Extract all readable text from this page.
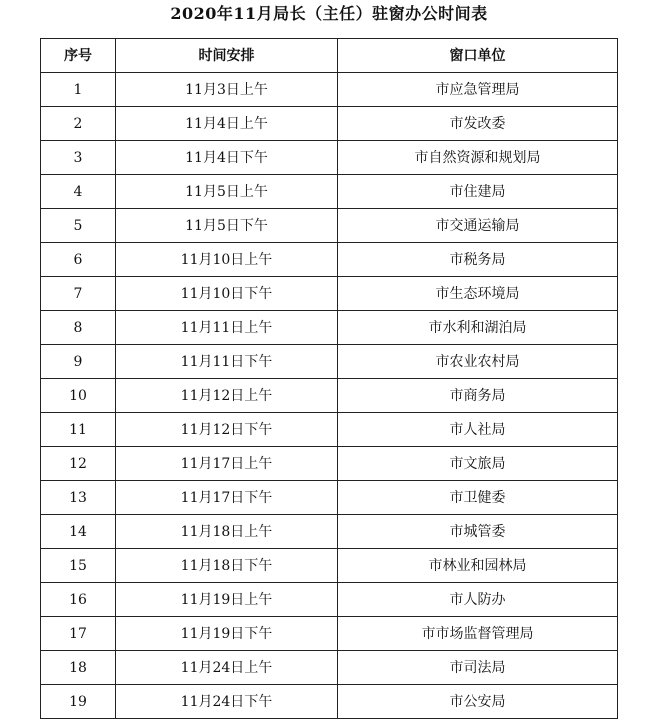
2020年11月局长（主任）驻窗办公时间表
序号	时间安排	窗口单位
1	11月3日上午	市应急管理局
2	11月4日上午	市发改委
3	11月4日下午	市自然资源和规划局
4	11月5日上午	市住建局
5	11月5日下午	市交通运输局
6	11月10日上午	市税务局
7	11月10日下午	市生态环境局
8	11月11日上午	市水利和湖泊局
9	11月11日下午	市农业农村局
10	11月12日上午	市商务局
11	11月12日下午	市人社局
12	11月17日上午	市文旅局
13	11月17日下午	市卫健委
14	11月18日上午	市城管委
15	11月18日下午	市林业和园林局
16	11月19日上午	市人防办
17	11月19日下午	市市场监督管理局
18	11月24日上午	市司法局
19	11月24日下午	市公安局
